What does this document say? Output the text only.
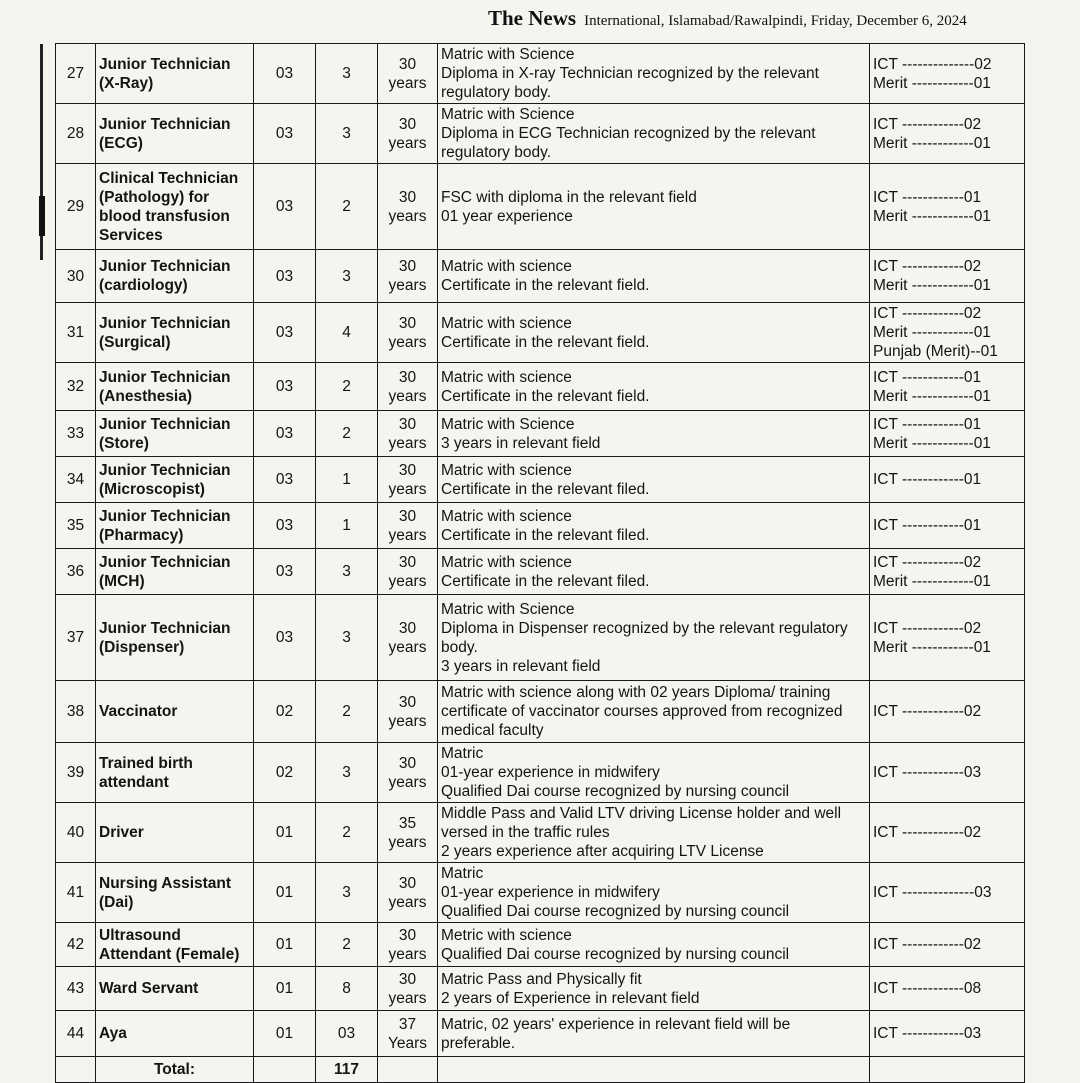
The News International, Islamabad/Rawalpindi, Friday, December 6, 2024
27	Junior Technician
(X-Ray)	03	3	30
years	Matric with Science
Diploma in X-ray Technician recognized by the relevant
regulatory body.	ICT --------------02
Merit ------------01

28	Junior Technician
(ECG)	03	3	30
years	Matric with Science
Diploma in ECG Technician recognized by the relevant
regulatory body.	ICT ------------02
Merit ------------01

29	Clinical Technician
(Pathology) for
blood transfusion
Services	03	2	30
years	FSC with diploma in the relevant field
01 year experience	ICT ------------01
Merit ------------01

30	Junior Technician
(cardiology)	03	3	30
years	Matric with science
Certificate in the relevant field.	ICT ------------02
Merit ------------01

31	Junior Technician
(Surgical)	03	4	30
years	Matric with science
Certificate in the relevant field.	ICT ------------02
Merit ------------01
Punjab (Merit)--01

32	Junior Technician
(Anesthesia)	03	2	30
years	Matric with science
Certificate in the relevant field.	ICT ------------01
Merit ------------01

33	Junior Technician
(Store)	03	2	30
years	Matric with Science
3 years in relevant field	ICT ------------01
Merit ------------01

34	Junior Technician
(Microscopist)	03	1	30
years	Matric with science
Certificate in the relevant filed.	ICT ------------01

35	Junior Technician
(Pharmacy)	03	1	30
years	Matric with science
Certificate in the relevant filed.	ICT ------------01

36	Junior Technician
(MCH)	03	3	30
years	Matric with science
Certificate in the relevant filed.	ICT ------------02
Merit ------------01

37	Junior Technician
(Dispenser)	03	3	30
years	Matric with Science
Diploma in Dispenser recognized by the relevant regulatory
body.
3 years in relevant field	ICT ------------02
Merit ------------01

38	Vaccinator	02	2	30
years	Matric with science along with 02 years Diploma/ training
certificate of vaccinator courses approved from recognized
medical faculty	ICT ------------02

39	Trained birth
attendant	02	3	30
years	Matric
01-year experience in midwifery
Qualified Dai course recognized by nursing council	ICT ------------03

40	Driver	01	2	35
years	Middle Pass and Valid LTV driving License holder and well
versed in the traffic rules
2 years experience after acquiring LTV License	ICT ------------02

41	Nursing Assistant
(Dai)	01	3	30
years	Matric
01-year experience in midwifery
Qualified Dai course recognized by nursing council	ICT --------------03

42	Ultrasound
Attendant (Female)	01	2	30
years	Metric with science
Qualified Dai course recognized by nursing council	ICT ------------02

43	Ward Servant	01	8	30
years	Matric Pass and Physically fit
2 years of Experience in relevant field	ICT ------------08

44	Aya	01	03	37
Years	Matric, 02 years' experience in relevant field will be
preferable.	ICT ------------03

	Total:		117			
